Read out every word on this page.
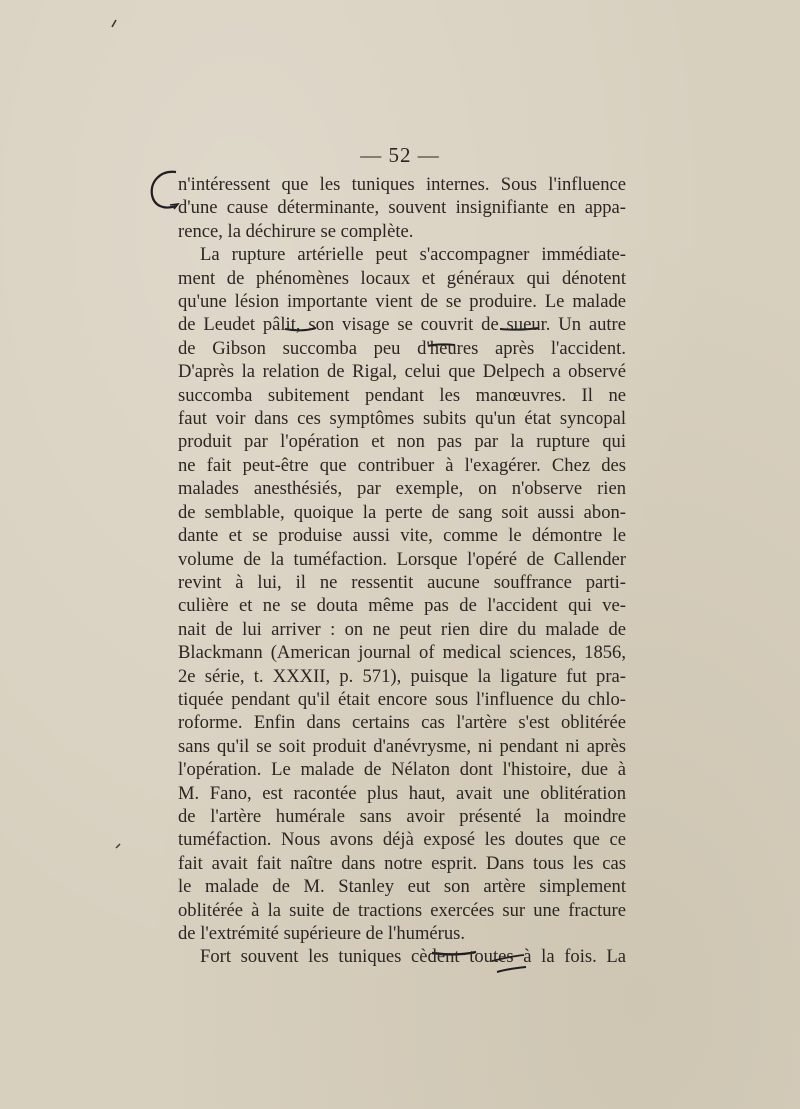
— 52 —
n'intéressent que les tuniques internes. Sous l'influence
d'une cause déterminante, souvent insignifiante en appa-
rence, la déchirure se complète.
La rupture artérielle peut s'accompagner immédiate-
ment de phénomènes locaux et généraux qui dénotent
qu'une lésion importante vient de se produire. Le malade
de Leudet pâlit, son visage se couvrit de sueur. Un autre
de Gibson succomba peu d'heures après l'accident.
D'après la relation de Rigal, celui que Delpech a observé
succomba subitement pendant les manœuvres. Il ne
faut voir dans ces symptômes subits qu'un état syncopal
produit par l'opération et non pas par la rupture qui
ne fait peut-être que contribuer à l'exagérer. Chez des
malades anesthésiés, par exemple, on n'observe rien
de semblable, quoique la perte de sang soit aussi abon-
dante et se produise aussi vite, comme le démontre le
volume de la tuméfaction. Lorsque l'opéré de Callender
revint à lui, il ne ressentit aucune souffrance parti-
culière et ne se douta même pas de l'accident qui ve-
nait de lui arriver : on ne peut rien dire du malade de
Blackmann (American journal of medical sciences, 1856,
2e série, t. XXXII, p. 571), puisque la ligature fut pra-
tiquée pendant qu'il était encore sous l'influence du chlo-
roforme. Enfin dans certains cas l'artère s'est oblitérée
sans qu'il se soit produit d'anévrysme, ni pendant ni après
l'opération. Le malade de Nélaton dont l'histoire, due à
M. Fano, est racontée plus haut, avait une oblitération
de l'artère humérale sans avoir présenté la moindre
tuméfaction. Nous avons déjà exposé les doutes que ce
fait avait fait naître dans notre esprit. Dans tous les cas
le malade de M. Stanley eut son artère simplement
oblitérée à la suite de tractions exercées sur une fracture
de l'extrémité supérieure de l'humérus.
Fort souvent les tuniques cèdent toutes à la fois. La
